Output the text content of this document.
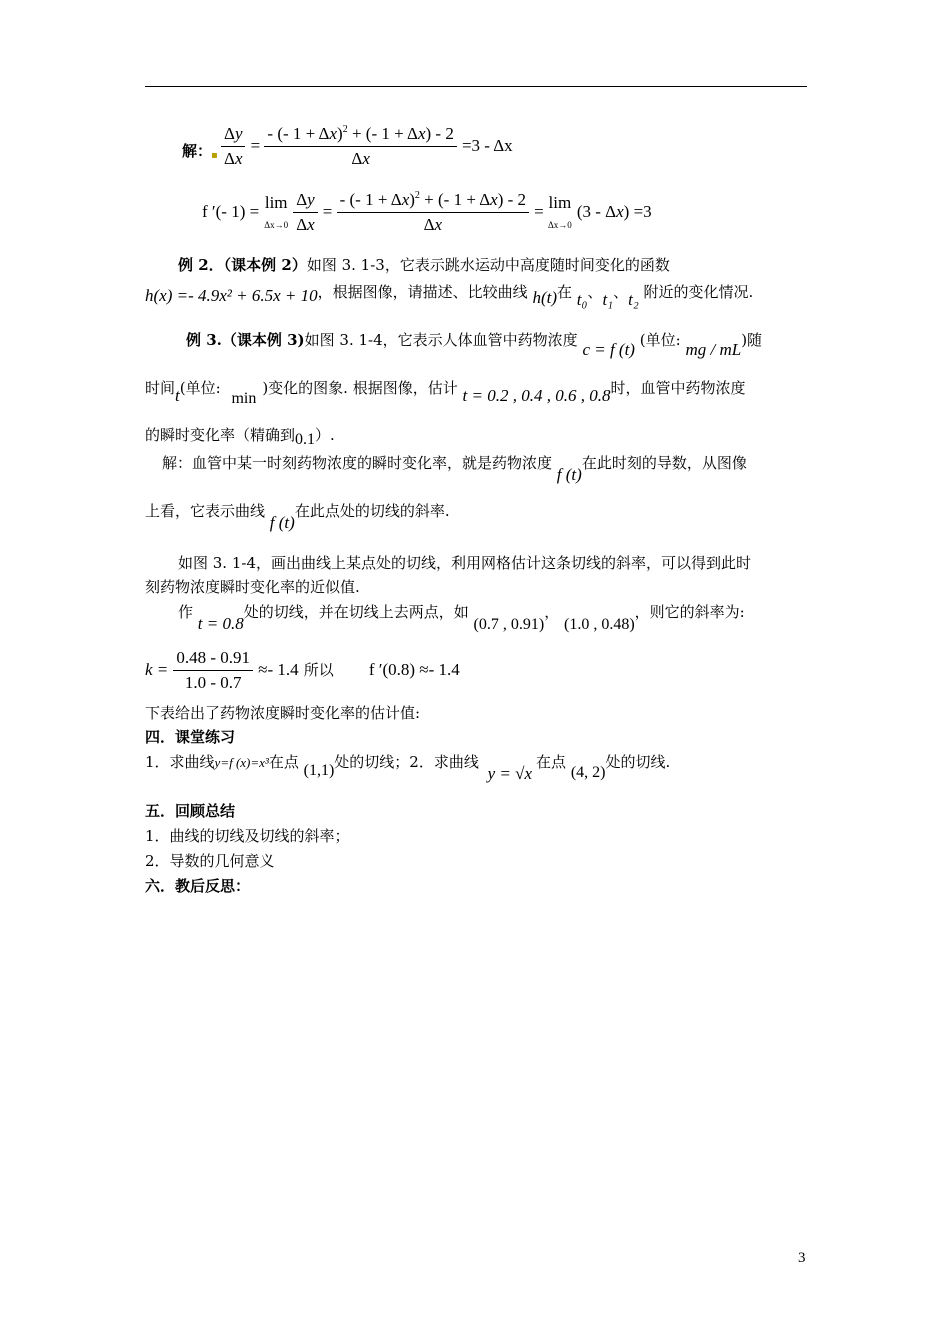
解：
▪ $\frac{\Delta y}{\Delta x} = \frac{- (- 1 + \Delta x)^2 + (- 1 + \Delta x) - 2}{\Delta x} =3 - \Delta x$
f ′(- 1) = lim
$\Delta x\to 0 \frac{\Delta y}{\Delta x} = \frac{- (- 1 + \Delta x)^2 + (- 1 + \Delta x) - 2}{\Delta x} = \lim$
Δx→0 (3 - Δx) =3
例 2．（课本例 2）如图 3. 1-3，它表示跳水运动中高度随时间变化的函数
h(x) =- 4.9x² + 6.5x + 10，根据图像，请描述、比较曲线 h(t)在 t₀、t₁、t₂ 附近的变化情况.
例 3.（课本例 3)如图 3. 1-4，它表示人体血管中药物浓度 c = f (t) (单位: mg / mL)随
时间t(单位: min)变化的图象. 根据图像，估计 t = 0.2 , 0.4 , 0.6 , 0.8时，血管中药物浓度
的瞬时变化率（精确到0.1）.
解：血管中某一时刻药物浓度的瞬时变化率，就是药物浓度 f (t)在此时刻的导数，从图像
上看，它表示曲线 f (t)在此点处的切线的斜率.
如图 3. 1-4，画出曲线上某点处的切线，利用网格估计这条切线的斜率，可以得到此时
刻药物浓度瞬时变化率的近似值.
作 t = 0.8处的切线，并在切线上去两点，如 (0.7 , 0.91)， (1.0 , 0.48)，则它的斜率为:
$k = \frac{0.48 - 0.91}{1.0 - 0.7} \approx- 1.4$ 所以 f ′(0.8) ≈- 1.4
下表给出了药物浓度瞬时变化率的估计值:
四．课堂练习
1．求曲线y=f (x)=x³在点 (1,1)处的切线；2．求曲线 y = √x在点 (4, 2)处的切线.
五．回顾总结
1．曲线的切线及切线的斜率；
2．导数的几何意义
六．教后反思：
3
